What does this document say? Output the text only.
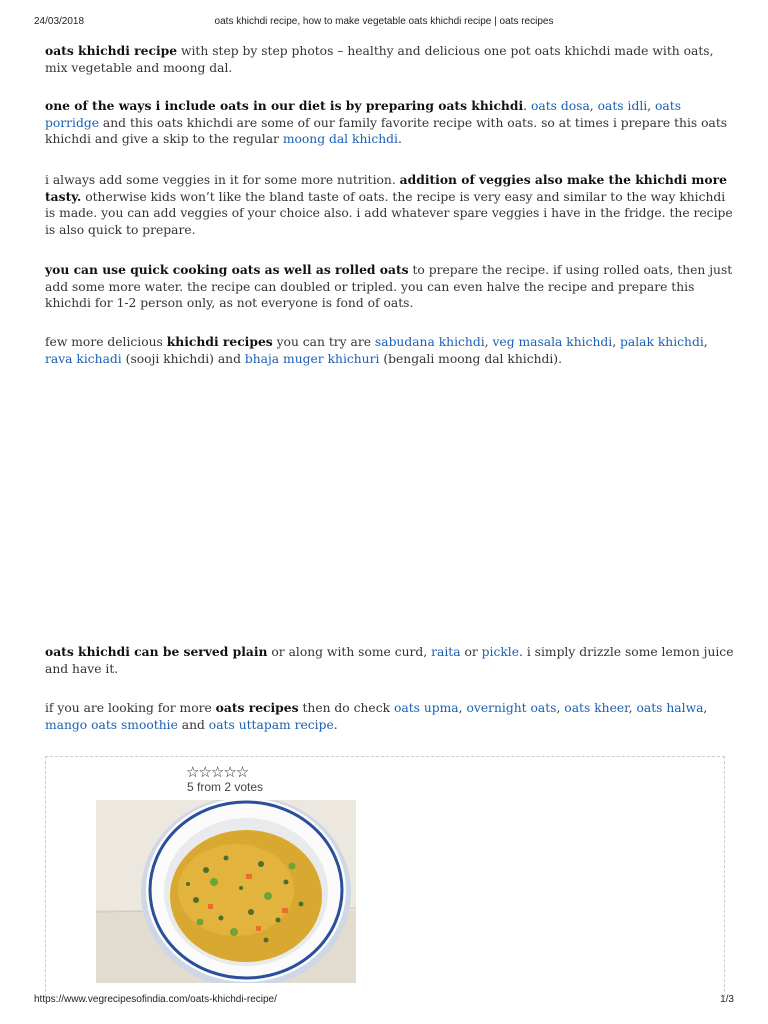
24/03/2018	oats khichdi recipe, how to make vegetable oats khichdi recipe | oats recipes

oats khichdi recipe with step by step photos – healthy and delicious one pot oats khichdi made with oats, mix vegetable and moong dal.

one of the ways i include oats in our diet is by preparing oats khichdi. oats dosa, oats idli, oats porridge and this oats khichdi are some of our family favorite recipe with oats. so at times i prepare this oats khichdi and give a skip to the regular moong dal khichdi.

i always add some veggies in it for some more nutrition. addition of veggies also make the khichdi more tasty. otherwise kids won’t like the bland taste of oats. the recipe is very easy and similar to the way khichdi is made. you can add veggies of your choice also. i add whatever spare veggies i have in the fridge. the recipe is also quick to prepare.

you can use quick cooking oats as well as rolled oats to prepare the recipe. if using rolled oats, then just add some more water. the recipe can doubled or tripled. you can even halve the recipe and prepare this khichdi for 1-2 person only, as not everyone is fond of oats.

few more delicious khichdi recipes you can try are sabudana khichdi, veg masala khichdi, palak khichdi, rava kichadi (sooji khichdi) and bhaja muger khichuri (bengali moong dal khichdi).

oats khichdi can be served plain or along with some curd, raita or pickle. i simply drizzle some lemon juice and have it.

if you are looking for more oats recipes then do check oats upma, overnight oats, oats kheer, oats halwa, mango oats smoothie and oats uttapam recipe.

☆☆☆☆☆
5 from 2 votes
https://www.vegrecipesofindia.com/oats-khichdi-recipe/	1/3
